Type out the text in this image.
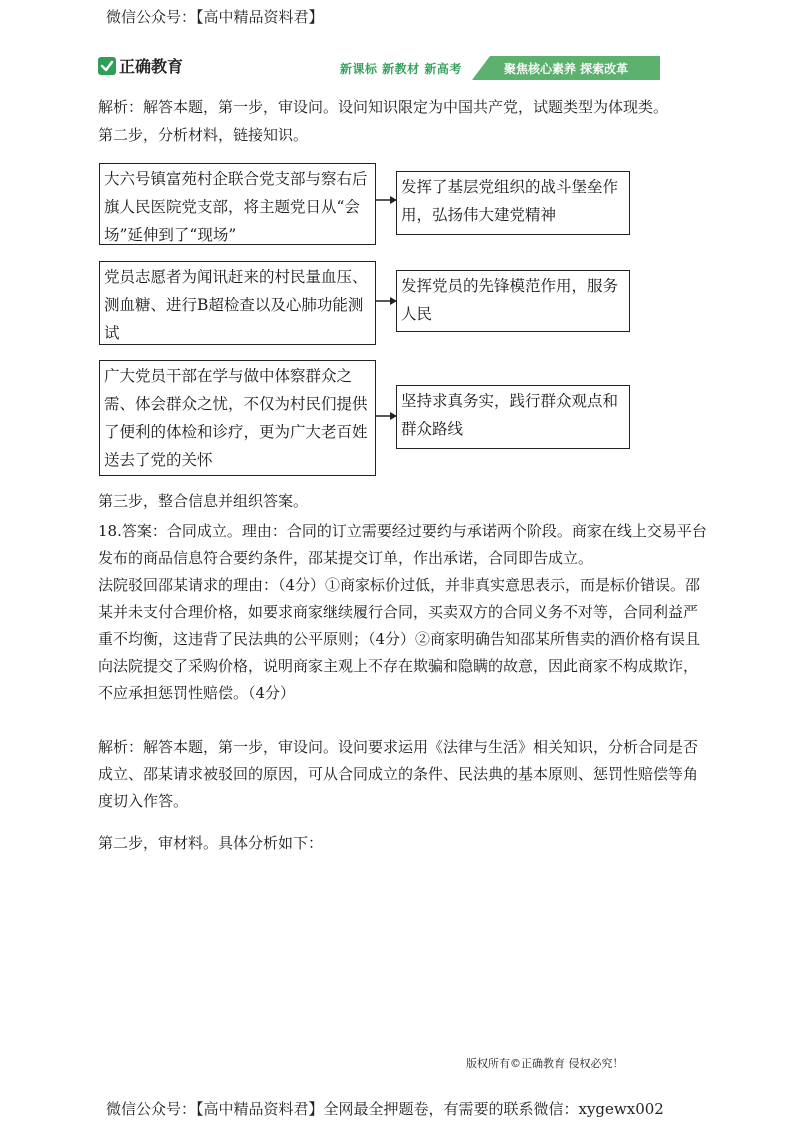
微信公众号：【高中精品资料君】
正确教育	新课标 新教材 新高考	聚焦核心素养 探索改革

解析：解答本题，第一步，审设问。设问知识限定为中国共产党，试题类型为体现类。

第二步，分析材料，链接知识。

大六号镇富苑村企联合党支部与察右后旗人民医院党支部，将主题党日从“会场”延伸到了“现场”
发挥了基层党组织的战斗堡垒作用，弘扬伟大建党精神
党员志愿者为闻讯赶来的村民量血压、测血糖、进行B超检查以及心肺功能测试
发挥党员的先锋模范作用，服务人民
广大党员干部在学与做中体察群众之需、体会群众之忧，不仅为村民们提供了便利的体检和诊疗，更为广大老百姓送去了党的关怀
坚持求真务实，践行群众观点和群众路线

第三步，整合信息并组织答案。

18.答案：合同成立。理由：合同的订立需要经过要约与承诺两个阶段。商家在线上交易平台发布的商品信息符合要约条件，邵某提交订单，作出承诺，合同即告成立。

法院驳回邵某请求的理由：（4分）①商家标价过低，并非真实意思表示，而是标价错误。邵某并未支付合理价格，如要求商家继续履行合同，买卖双方的合同义务不对等，合同利益严重不均衡，这违背了民法典的公平原则；（4分）②商家明确告知邵某所售卖的酒价格有误且向法院提交了采购价格，说明商家主观上不存在欺骗和隐瞒的故意，因此商家不构成欺诈，不应承担惩罚性赔偿。（4分）

解析：解答本题，第一步，审设问。设问要求运用《法律与生活》相关知识，分析合同是否成立、邵某请求被驳回的原因，可从合同成立的条件、民法典的基本原则、惩罚性赔偿等角度切入作答。

第二步，审材料。具体分析如下：

版权所有©正确教育 侵权必究！
微信公众号：【高中精品资料君】全网最全押题卷，有需要的联系微信：xygewx002
